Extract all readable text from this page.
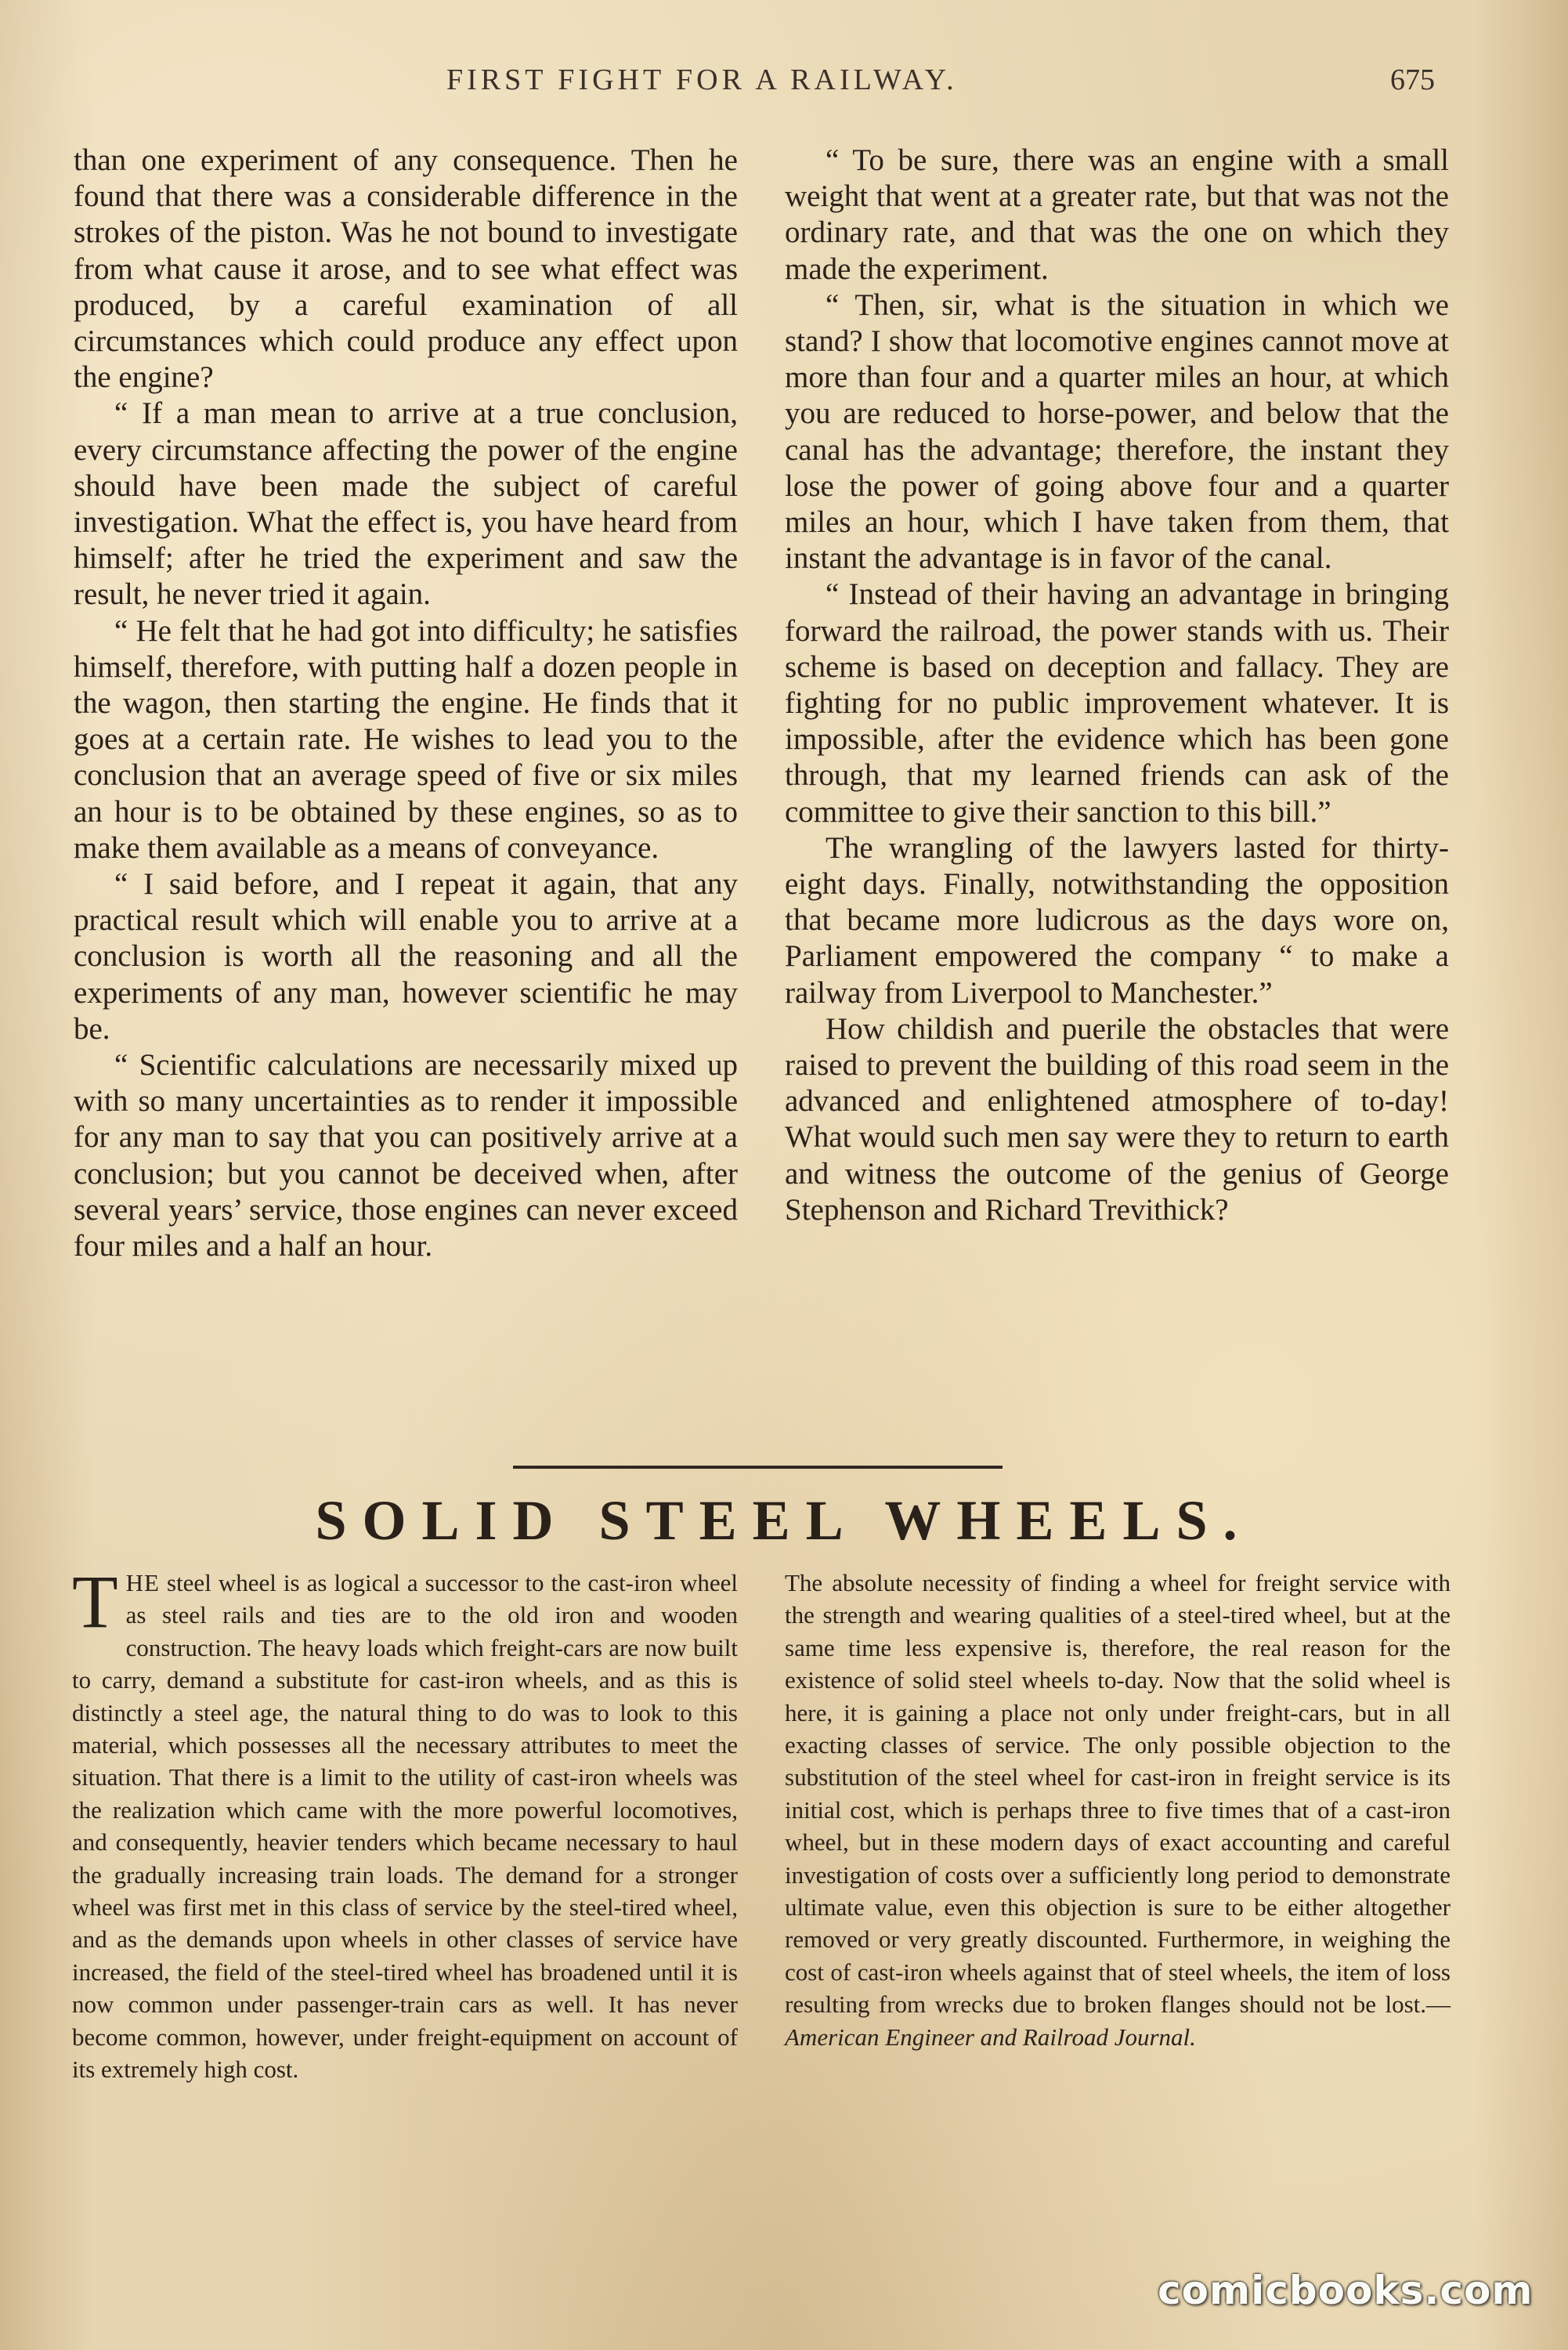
FIRST FIGHT FOR A RAILWAY.	675

than one experiment of any consequence. Then he found that there was a considerable difference in the strokes of the piston. Was he not bound to investigate from what cause it arose, and to see what effect was produced, by a careful examination of all circumstances which could produce any effect upon the engine?

“ If a man mean to arrive at a true conclusion, every circumstance affecting the power of the engine should have been made the subject of careful investigation. What the effect is, you have heard from himself; after he tried the experiment and saw the result, he never tried it again.

“ He felt that he had got into difficulty; he satisfies himself, therefore, with putting half a dozen people in the wagon, then starting the engine. He finds that it goes at a certain rate. He wishes to lead you to the conclusion that an average speed of five or six miles an hour is to be obtained by these engines, so as to make them available as a means of conveyance.

“ I said before, and I repeat it again, that any practical result which will enable you to arrive at a conclusion is worth all the reasoning and all the experiments of any man, however scientific he may be.

“ Scientific calculations are necessarily mixed up with so many uncertainties as to render it impossible for any man to say that you can positively arrive at a conclusion; but you cannot be deceived when, after several years’ service, those engines can never exceed four miles and a half an hour.

“ To be sure, there was an engine with a small weight that went at a greater rate, but that was not the ordinary rate, and that was the one on which they made the experiment.

“ Then, sir, what is the situation in which we stand? I show that locomotive engines cannot move at more than four and a quarter miles an hour, at which you are reduced to horse-power, and below that the canal has the advantage; therefore, the instant they lose the power of going above four and a quarter miles an hour, which I have taken from them, that instant the advantage is in favor of the canal.

“ Instead of their having an advantage in bringing forward the railroad, the power stands with us. Their scheme is based on deception and fallacy. They are fighting for no public improvement whatever. It is impossible, after the evidence which has been gone through, that my learned friends can ask of the committee to give their sanction to this bill.”

The wrangling of the lawyers lasted for thirty-eight days. Finally, notwithstanding the opposition that became more ludicrous as the days wore on, Parliament empowered the company “ to make a railway from Liverpool to Manchester.”

How childish and puerile the obstacles that were raised to prevent the building of this road seem in the advanced and enlightened atmosphere of to-day! What would such men say were they to return to earth and witness the outcome of the genius of George Stephenson and Richard Trevithick?

SOLID STEEL WHEELS.

THE steel wheel is as logical a successor to the cast-iron wheel as steel rails and ties are to the old iron and wooden construction. The heavy loads which freight-cars are now built to carry, demand a substitute for cast-iron wheels, and as this is distinctly a steel age, the natural thing to do was to look to this material, which possesses all the necessary attributes to meet the situation. That there is a limit to the utility of cast-iron wheels was the realization which came with the more powerful locomotives, and consequently, heavier tenders which became necessary to haul the gradually increasing train loads. The demand for a stronger wheel was first met in this class of service by the steel-tired wheel, and as the demands upon wheels in other classes of service have increased, the field of the steel-tired wheel has broadened until it is now common under passenger-train cars as well. It has never become common, however, under freight-equipment on account of its extremely high cost.

The absolute necessity of finding a wheel for freight service with the strength and wearing qualities of a steel-tired wheel, but at the same time less expensive is, therefore, the real reason for the existence of solid steel wheels to-day. Now that the solid wheel is here, it is gaining a place not only under freight-cars, but in all exacting classes of service. The only possible objection to the substitution of the steel wheel for cast-iron in freight service is its initial cost, which is perhaps three to five times that of a cast-iron wheel, but in these modern days of exact accounting and careful investigation of costs over a sufficiently long period to demonstrate ultimate value, even this objection is sure to be either altogether removed or very greatly discounted. Furthermore, in weighing the cost of cast-iron wheels against that of steel wheels, the item of loss resulting from wrecks due to broken flanges should not be lost.—American Engineer and Railroad Journal.

comicbooks.com
